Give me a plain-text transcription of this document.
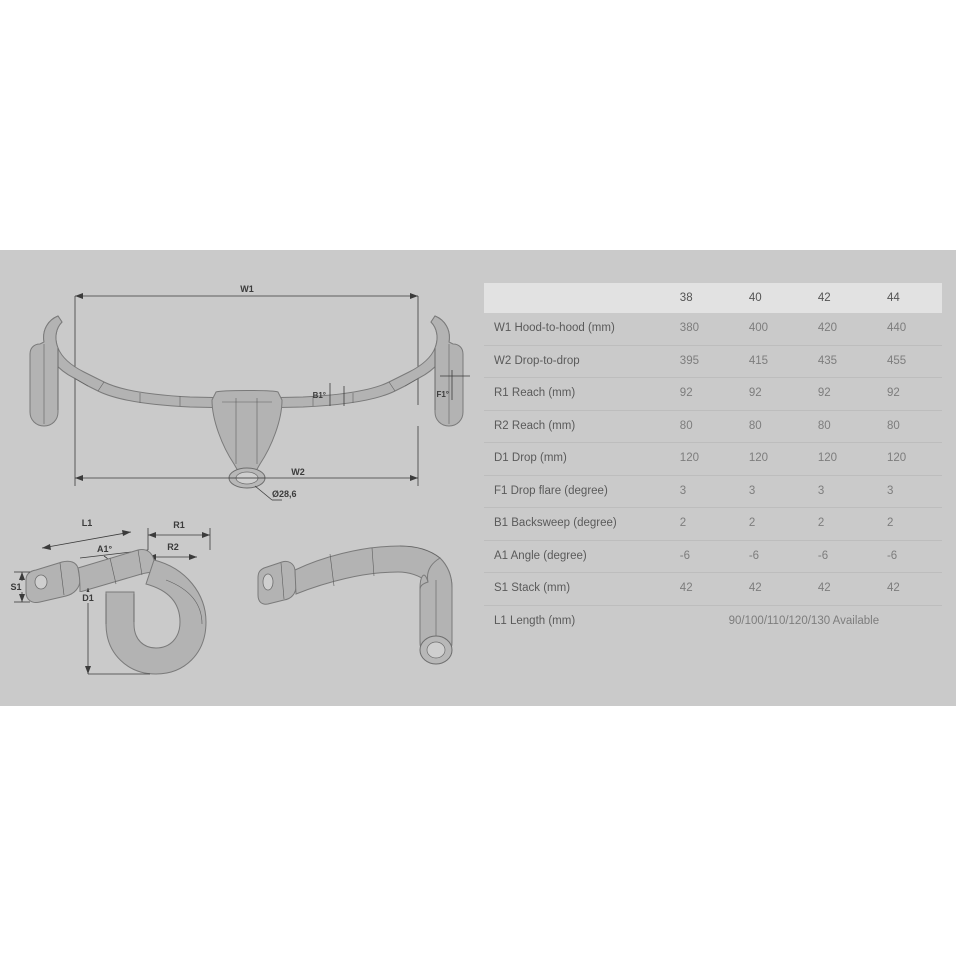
W1
B1°	F1°
W2
Ø28,6
L1	R1
R2
A1°
S1
D1
	38	40	42	44
W1 Hood-to-hood (mm)	380	400	420	440
W2 Drop-to-drop	395	415	435	455
R1 Reach (mm)	92	92	92	92
R2 Reach (mm)	80	80	80	80
D1 Drop (mm)	120	120	120	120
F1 Drop flare (degree)	3	3	3	3
B1 Backsweep (degree)	2	2	2	2
A1 Angle (degree)	-6	-6	-6	-6
S1 Stack (mm)	42	42	42	42
L1 Length (mm)	90/100/110/120/130 Available			
